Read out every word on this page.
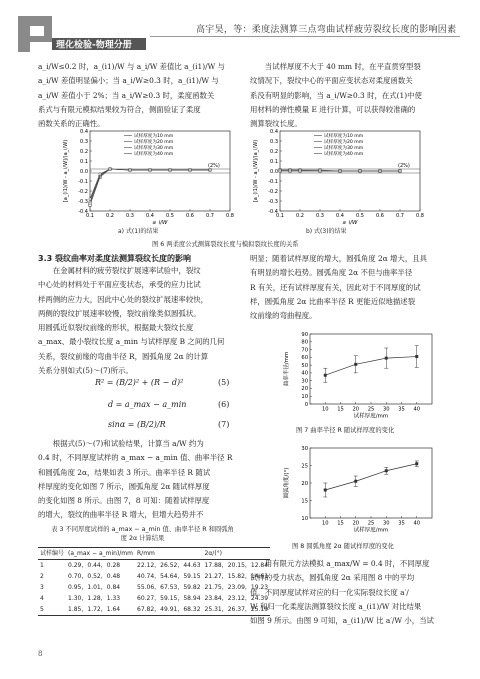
理化检验-物理分册
高宇昊，等：柔度法测算三点弯曲试样疲劳裂纹长度的影响因素

a_i/W≤0.2 时，a_(i1)/W 与 a_i/W 差值比 a_(i1)/W 与

a_i/W 差值明显偏小；当 a_i/W≥0.3 时，a_(i1)/W 与

a_i/W 差值小于 2%；当 a_i/W≥0.3 时，柔度函数关

系式与有限元模拟结果较为符合，侧面验证了柔度

函数关系的正确性。

当试样厚度不大于 40 mm 时，在平直贯穿型裂

纹情况下，裂纹中心的平面应变状态对柔度函数关

系没有明显的影响，当 a_i/W≥0.3 时，在式(1)中使

用材料的弹性模量 E 进行计算，可以获得较准确的

测算裂纹长度。

(2%)
-0.4
-0.3
-0.2
-0.1
0.0
0.1
0.2
0.3
0.4
0.1 0.2 0.3 0.4 0.5 0.6 0.7 0.8
a_i/W
[a_(i1)/W - a_i/W]/(a_i/W)
试样厚度为10 mm
试样厚度为20 mm
试样厚度为30 mm
试样厚度为40 mm
(2%)
-0.4
-0.3
-0.2
-0.1
0.0
0.1
0.2
0.3
0.4
0.1 0.2 0.3 0.4 0.5 0.6 0.7 0.8
a_i/W
[a_(i1)/W - a_i/W]/(a_i/W)
试样厚度为10 mm
试样厚度为20 mm
试样厚度为30 mm
试样厚度为40 mm
a) 式(1)的结果	b) 式(3)的结果
图 6 两柔度公式测算裂纹长度与模拟裂纹长度的关系
3.3 裂纹曲率对柔度法测算裂纹长度的影响

在金属材料的疲劳裂纹扩展速率试验中，裂纹

中心处的材料处于平面应变状态，承受的应力比试

样两侧的应力大，因此中心处的裂纹扩展速率较快，

两侧的裂纹扩展速率较慢，裂纹前缘类似圆弧状。

用圆弧近似裂纹前缘的形状，根据最大裂纹长度

a_max、最小裂纹长度 a_min 与试样厚度 B 之间的几何

关系，裂纹前缘的弯曲半径 R，圆弧角度 2α 的计算

关系分别如式(5)～(7)所示。

R² = (B/2)² + (R − d)²	(5)
d = a_max − a_min	(6)
sinα = (B/2)/R	(7)

根据式(5)～(7)和试验结果，计算当 a/W 约为

0.4 时，不同厚度试样的 a_max − a_min 值、曲率半径 R

和圆弧角度 2α，结果如表 3 所示。曲率半径 R 随试

样厚度的变化如图 7 所示，圆弧角度 2α 随试样厚度

的变化如图 8 所示。由图 7，8 可知：随着试样厚度

的增大，裂纹的曲率半径 R 增大，但增大趋势并不

表 3 不同厚度试样的 a_max − a_min 值、曲率半径 R 和圆弧角度 2α 计算结果
试样编号	(a_max − a_min)/mm	R/mm	2α/(°)
1	0.29，0.44，0.28	22.12，26.52，44.63	17.88，20.15，12.84
2	0.70，0.52，0.48	40.74，54.64，59.15	21.27，15.82，14.61
3	0.95，1.01，0.84	55.06，67.53，59.82	21.75，23.09，19.23
4	1.30，1.28，1.33	60.27，59.15，58.94	23.84，23.12，24.39
5	1.85，1.72，1.64	67.82，49.91，68.32	25.31，26.37，25.19

明显；随着试样厚度的增大，圆弧角度 2α 增大，且具

有明显的增长趋势。圆弧角度 2α 不但与曲率半径

R 有关，还有试样厚度有关，因此对于不同厚度的试

样，圆弧角度 2α 比曲率半径 R 更能近似地描述裂

纹前缘的弯曲程度。

0
10
20
30
40
50
60
70
80
90
10 15 20 25 30 35 40
试样厚度/mm
曲率半径/mm
图 7 曲率半径 R 随试样厚度的变化
10
15
20
25
30
10 15 20 25 30 35 40
试样厚度/mm
圆弧角度/(°)
图 8 圆弧角度 2α 随试样厚度的变化

用有限元方法模拟 a_max/W = 0.4 时，不同厚度

试样的受力状态，圆弧角度 2α 采用图 8 中的平均

值。不同厚度试样对应的归一化实际裂纹长度 a′/

W 和归一化柔度法测算裂纹长度 a_(i1)/W 对比结果

如图 9 所示。由图 9 可知，a_(i1)/W 比 a′/W 小，当试

8
